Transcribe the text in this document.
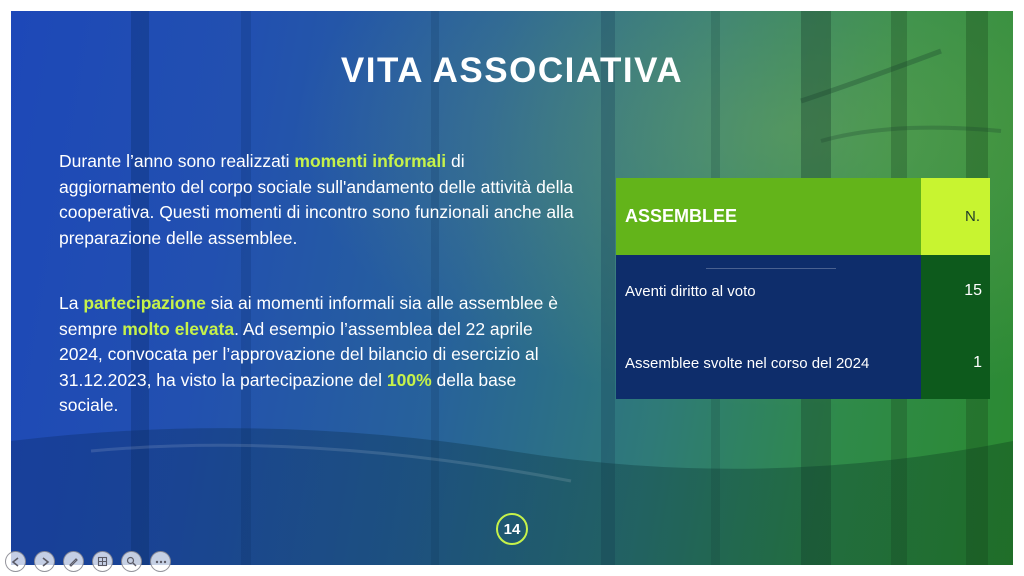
VITA ASSOCIATIVA

Durante l’anno sono realizzati momenti informali di aggiornamento del corpo sociale sull'andamento delle attività della cooperativa. Questi momenti di incontro sono funzionali anche alla preparazione delle assemblee.

La partecipazione sia ai momenti informali sia alle assemblee è sempre molto elevata. Ad esempio l’assemblea del 22 aprile 2024, convocata per l’approvazione del bilancio di esercizio al 31.12.2023, ha visto la partecipazione del 100% della base sociale.

ASSEMBLEE	N.
Aventi diritto al voto	15
Assemblee svolte nel corso del 2024	1
14
